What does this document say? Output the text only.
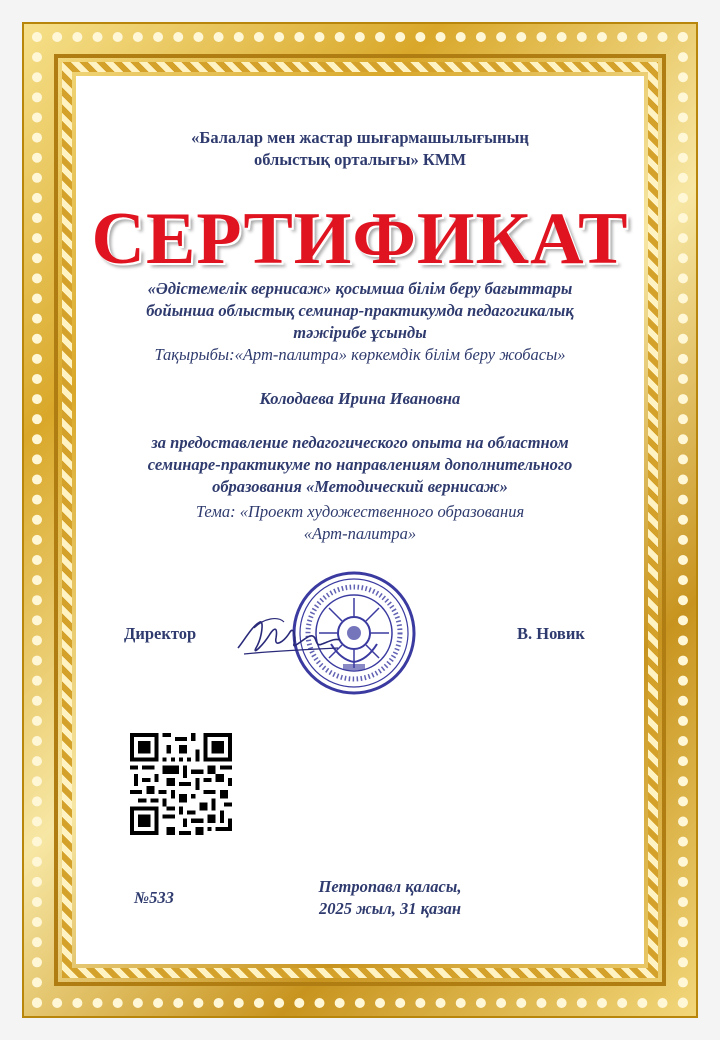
«Балалар мен жастар шығармашылығының
облыстық орталығы» КММ
СЕРТИФИКАТ
«Әдістемелік вернисаж» қосымша білім беру бағыттары
бойынша облыстық семинар-практикумда педагогикалық
тәжірибе ұсынды
Тақырыбы:«Арт-палитра» көркемдік білім беру жобасы»
Колодаева Ирина Ивановна
за предоставление педагогического опыта на областном
семинаре-практикуме по направлениям дополнительного
образования «Методический вернисаж»
Тема: «Проект художественного образования
«Арт-палитра»
Директор	В. Новик
№533
Петропавл қаласы,
2025 жыл, 31 қазан
